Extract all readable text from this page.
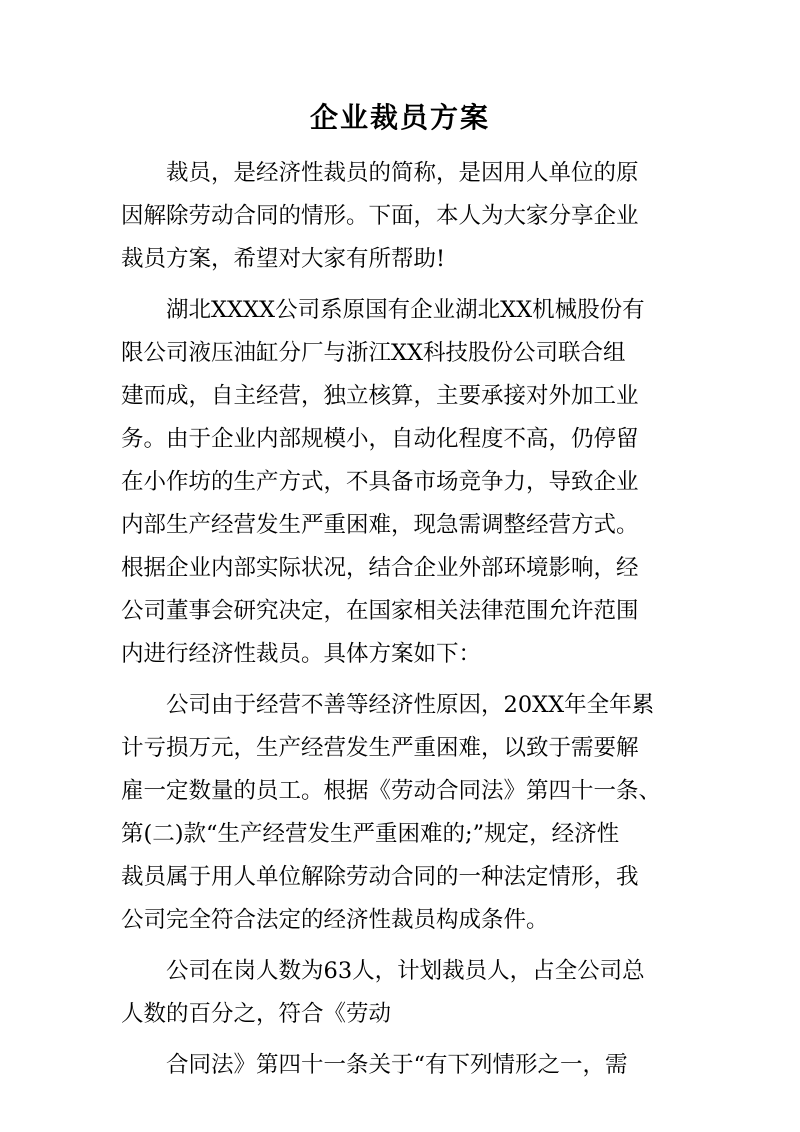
企业裁员方案
　　裁员，是经济性裁员的简称，是因用人单位的原
因解除劳动合同的情形。下面，本人为大家分享企业
裁员方案，希望对大家有所帮助!
　　湖北XXXX公司系原国有企业湖北XX机械股份有
限公司液压油缸分厂与浙江XX科技股份公司联合组
建而成，自主经营，独立核算，主要承接对外加工业
务。由于企业内部规模小，自动化程度不高，仍停留
在小作坊的生产方式，不具备市场竞争力，导致企业
内部生产经营发生严重困难，现急需调整经营方式。
根据企业内部实际状况，结合企业外部环境影响，经
公司董事会研究决定，在国家相关法律范围允许范围
内进行经济性裁员。具体方案如下：
　　公司由于经营不善等经济性原因，20XX年全年累
计亏损万元，生产经营发生严重困难，以致于需要解
雇一定数量的员工。根据《劳动合同法》第四十一条、
第(二)款“生产经营发生严重困难的;”规定，经济性
裁员属于用人单位解除劳动合同的一种法定情形，我
公司完全符合法定的经济性裁员构成条件。
　　公司在岗人数为63人，计划裁员人，占全公司总
人数的百分之，符合《劳动
　　合同法》第四十一条关于“有下列情形之一，需
